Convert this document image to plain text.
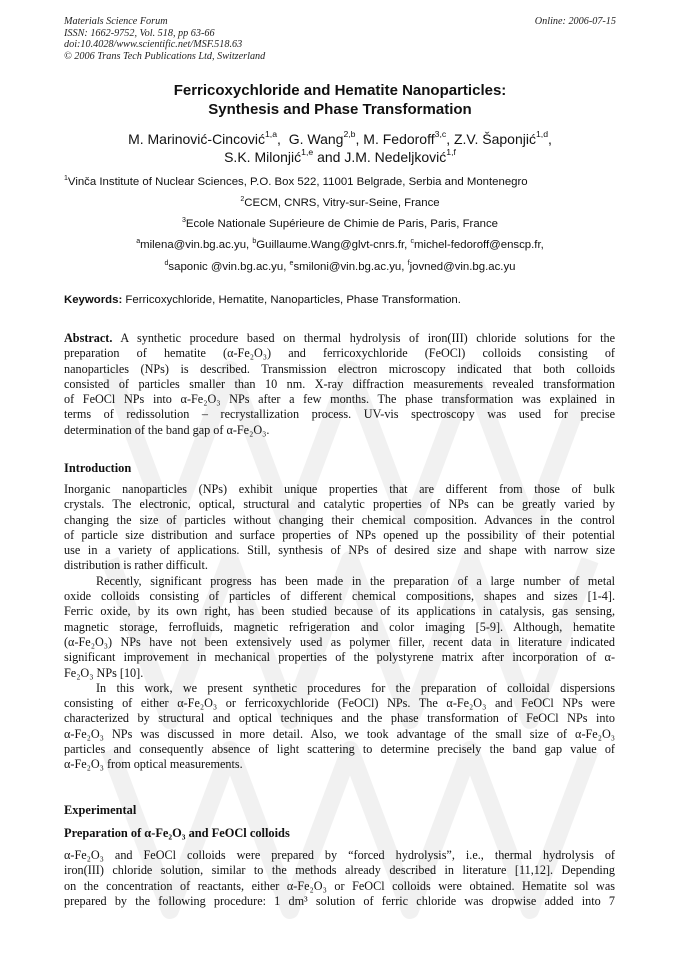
Materials Science Forum
ISSN: 1662-9752, Vol. 518, pp 63-66
doi:10.4028/www.scientific.net/MSF.518.63
© 2006 Trans Tech Publications Ltd, Switzerland
Online: 2006-07-15
Ferricoxychloride and Hematite Nanoparticles:
Synthesis and Phase Transformation
M. Marinović-Cincović$^{1,a}$,  G. Wang$^{2,b}$, M. Fedoroff$^{3,c}$, Z.V. Šaponjić$^{1,d}$,
S.K. Milonjić$^{1,e}$ and J.M. Nedeljković$^{1,f}$
$^1$Vinča Institute of Nuclear Sciences, P.O. Box 522, 11001 Belgrade, Serbia and Montenegro
$^2$CECM, CNRS, Vitry-sur-Seine, France
$^3$Ecole Nationale Supérieure de Chimie de Paris, Paris, France
$^a$milena@vin.bg.ac.yu, $^b$Guillaume.Wang@glvt-cnrs.fr, $^c$michel-fedoroff@enscp.fr,
$^d$saponic @vin.bg.ac.yu, $^e$smiloni@vin.bg.ac.yu, $^f$jovned@vin.bg.ac.yu
Keywords: Ferricoxychloride, Hematite, Nanoparticles, Phase Transformation.
Abstract. A synthetic procedure based on thermal hydrolysis of iron(III) chloride solutions for the
preparation of hematite (α-Fe₂O₃) and ferricoxychloride (FeOCl) colloids consisting of
nanoparticles (NPs) is described. Transmission electron microscopy indicated that both colloids
consisted of particles smaller than 10 nm. X-ray diffraction measurements revealed transformation
of FeOCl NPs into α-Fe₂O₃ NPs after a few months. The phase transformation was explained in
terms of redissolution – recrystallization process. UV-vis spectroscopy was used for precise
determination of the band gap of α-Fe₂O₃.
Introduction
Inorganic nanoparticles (NPs) exhibit unique properties that are different from those of bulk
crystals. The electronic, optical, structural and catalytic properties of NPs can be greatly varied by
changing the size of particles without changing their chemical composition. Advances in the control
of particle size distribution and surface properties of NPs opened up the possibility of their potential
use in a variety of applications. Still, synthesis of NPs of desired size and shape with narrow size
distribution is rather difficult.
Recently, significant progress has been made in the preparation of a large number of metal
oxide colloids consisting of particles of different chemical compositions, shapes and sizes [1-4].
Ferric oxide, by its own right, has been studied because of its applications in catalysis, gas sensing,
magnetic storage, ferrofluids, magnetic refrigeration and color imaging [5-9]. Although, hematite
(α-Fe₂O₃) NPs have not been extensively used as polymer filler, recent data in literature indicated
significant improvement in mechanical properties of the polystyrene matrix after incorporation of α-
Fe₂O₃ NPs [10].
In this work, we present synthetic procedures for the preparation of colloidal dispersions
consisting of either α-Fe₂O₃ or ferricoxychloride (FeOCl) NPs. The α-Fe₂O₃ and FeOCl NPs were
characterized by structural and optical techniques and the phase transformation of FeOCl NPs into
α-Fe₂O₃ NPs was discussed in more detail. Also, we took advantage of the small size of α-Fe₂O₃
particles and consequently absence of light scattering to determine precisely the band gap value of
α-Fe₂O₃ from optical measurements.
Experimental
Preparation of α-Fe₂O₃ and FeOCl colloids
α-Fe₂O₃ and FeOCl colloids were prepared by “forced hydrolysis”, i.e., thermal hydrolysis of
iron(III) chloride solution, similar to the methods already described in literature [11,12]. Depending
on the concentration of reactants, either α-Fe₂O₃ or FeOCl colloids were obtained. Hematite sol was
prepared by the following procedure: 1 dm³ solution of ferric chloride was dropwise added into 7
